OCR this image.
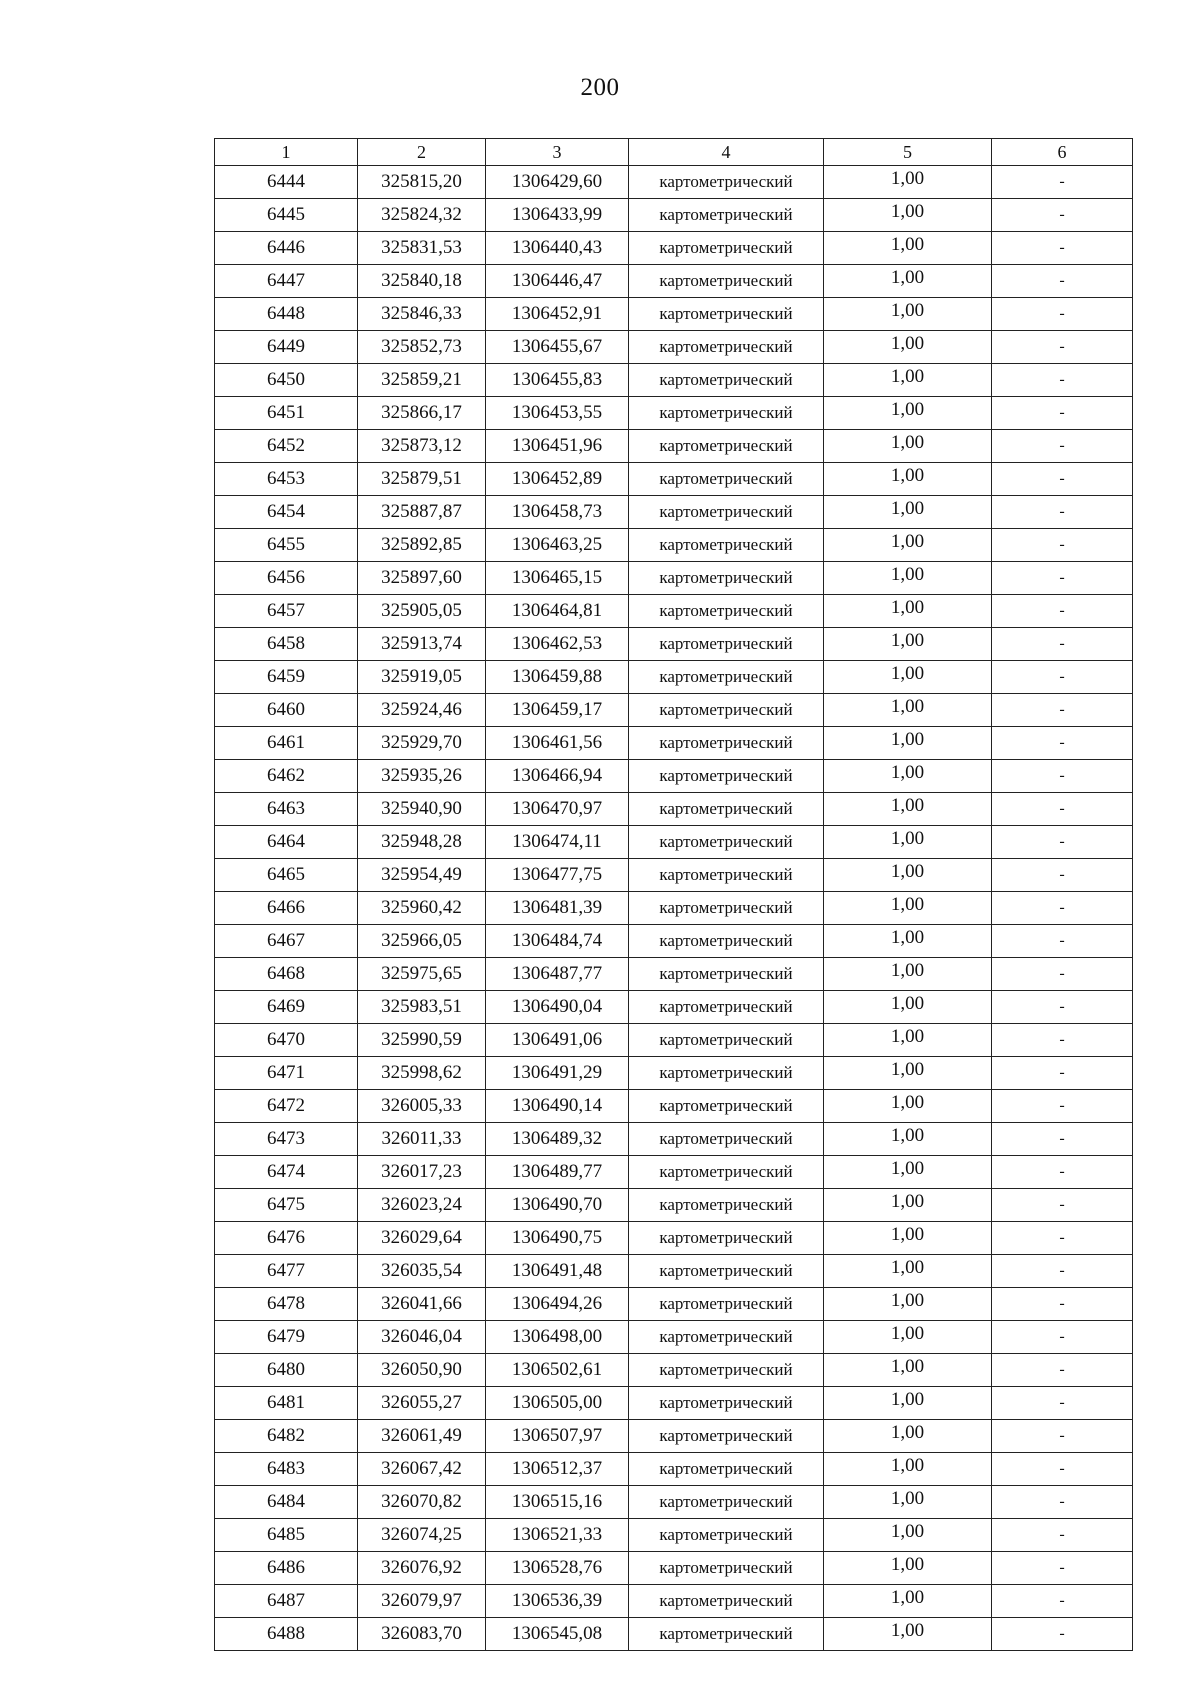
200
1	2	3	4	5	6
6444	325815,20	1306429,60	картометрический	1,00	-
6445	325824,32	1306433,99	картометрический	1,00	-
6446	325831,53	1306440,43	картометрический	1,00	-
6447	325840,18	1306446,47	картометрический	1,00	-
6448	325846,33	1306452,91	картометрический	1,00	-
6449	325852,73	1306455,67	картометрический	1,00	-
6450	325859,21	1306455,83	картометрический	1,00	-
6451	325866,17	1306453,55	картометрический	1,00	-
6452	325873,12	1306451,96	картометрический	1,00	-
6453	325879,51	1306452,89	картометрический	1,00	-
6454	325887,87	1306458,73	картометрический	1,00	-
6455	325892,85	1306463,25	картометрический	1,00	-
6456	325897,60	1306465,15	картометрический	1,00	-
6457	325905,05	1306464,81	картометрический	1,00	-
6458	325913,74	1306462,53	картометрический	1,00	-
6459	325919,05	1306459,88	картометрический	1,00	-
6460	325924,46	1306459,17	картометрический	1,00	-
6461	325929,70	1306461,56	картометрический	1,00	-
6462	325935,26	1306466,94	картометрический	1,00	-
6463	325940,90	1306470,97	картометрический	1,00	-
6464	325948,28	1306474,11	картометрический	1,00	-
6465	325954,49	1306477,75	картометрический	1,00	-
6466	325960,42	1306481,39	картометрический	1,00	-
6467	325966,05	1306484,74	картометрический	1,00	-
6468	325975,65	1306487,77	картометрический	1,00	-
6469	325983,51	1306490,04	картометрический	1,00	-
6470	325990,59	1306491,06	картометрический	1,00	-
6471	325998,62	1306491,29	картометрический	1,00	-
6472	326005,33	1306490,14	картометрический	1,00	-
6473	326011,33	1306489,32	картометрический	1,00	-
6474	326017,23	1306489,77	картометрический	1,00	-
6475	326023,24	1306490,70	картометрический	1,00	-
6476	326029,64	1306490,75	картометрический	1,00	-
6477	326035,54	1306491,48	картометрический	1,00	-
6478	326041,66	1306494,26	картометрический	1,00	-
6479	326046,04	1306498,00	картометрический	1,00	-
6480	326050,90	1306502,61	картометрический	1,00	-
6481	326055,27	1306505,00	картометрический	1,00	-
6482	326061,49	1306507,97	картометрический	1,00	-
6483	326067,42	1306512,37	картометрический	1,00	-
6484	326070,82	1306515,16	картометрический	1,00	-
6485	326074,25	1306521,33	картометрический	1,00	-
6486	326076,92	1306528,76	картометрический	1,00	-
6487	326079,97	1306536,39	картометрический	1,00	-
6488	326083,70	1306545,08	картометрический	1,00	-
